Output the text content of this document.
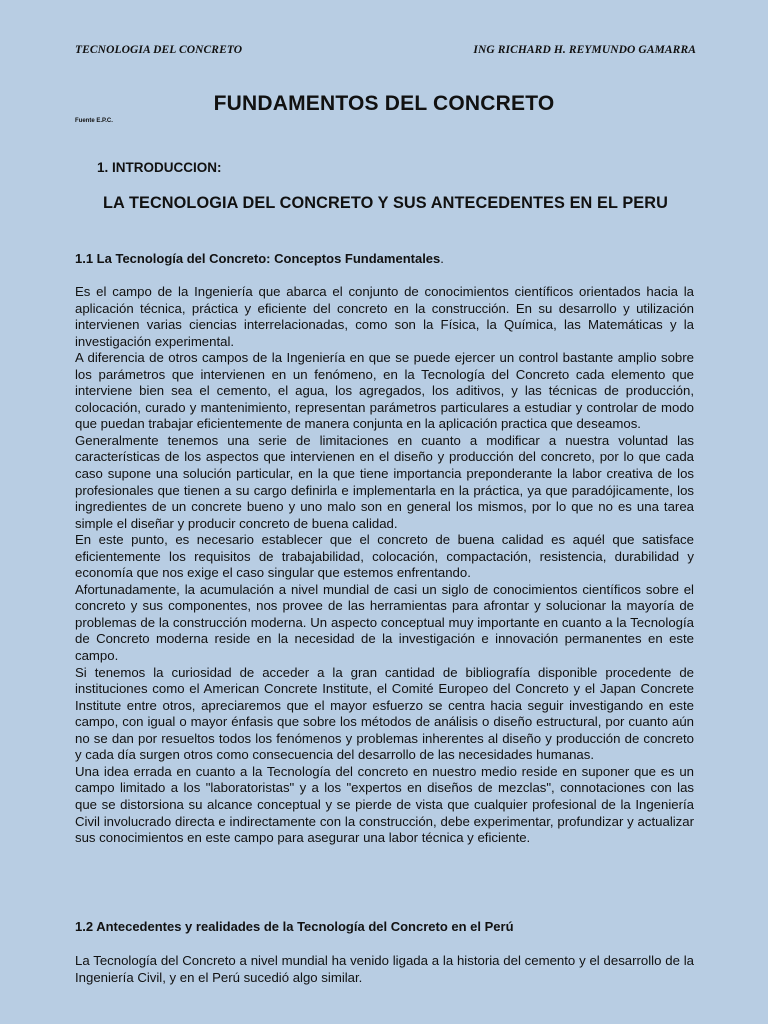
TECNOLOGIA DEL CONCRETO	ING RICHARD H. REYMUNDO GAMARRA
FUNDAMENTOS DEL CONCRETO
Fuente E.P.C.
1. INTRODUCCION:
LA TECNOLOGIA DEL CONCRETO Y SUS ANTECEDENTES EN EL PERU
1.1 La Tecnología del Concreto: Conceptos Fundamentales.

Es el campo de la Ingeniería que abarca el conjunto de conocimientos científicos orientados hacia la aplicación técnica, práctica y eficiente del concreto en la construcción. En su desarrollo y utilización intervienen varias ciencias interrelacionadas, como son la Física, la Química, las Matemáticas y la investigación experimental.

A diferencia de otros campos de la Ingeniería en que se puede ejercer un control bastante amplio sobre los parámetros que intervienen en un fenómeno, en la Tecnología del Concreto cada elemento que interviene bien sea el cemento, el agua, los agregados, los aditivos, y las técnicas de producción, colocación, curado y mantenimiento, representan parámetros particulares a estudiar y controlar de modo que puedan trabajar eficientemente de manera conjunta en la aplicación practica que deseamos.

Generalmente tenemos una serie de limitaciones en cuanto a modificar a nuestra voluntad las características de los aspectos que intervienen en el diseño y producción del concreto, por lo que cada caso supone una solución particular, en la que tiene importancia preponderante la labor creativa de los profesionales que tienen a su cargo definirla e implementarla en la práctica, ya que paradójicamente, los ingredientes de un concrete bueno y uno malo son en general los mismos, por lo que no es una tarea simple el diseñar y producir concreto de buena calidad.

En este punto, es necesario establecer que el concreto de buena calidad es aquél que satisface eficientemente los requisitos de trabajabilidad, colocación, compactación, resistencia, durabilidad y economía que nos exige el caso singular que estemos enfrentando.

Afortunadamente, la acumulación a nivel mundial de casi un siglo de conocimientos científicos sobre el concreto y sus componentes, nos provee de las herramientas para afrontar y solucionar la mayoría de problemas de la construcción moderna. Un aspecto conceptual muy importante en cuanto a la Tecnología de Concreto moderna reside en la necesidad de la investigación e innovación permanentes en este campo.

Si tenemos la curiosidad de acceder a la gran cantidad de bibliografía disponible procedente de instituciones como el American Concrete Institute, el Comité Europeo del Concreto y el Japan Concrete Institute entre otros, apreciaremos que el mayor esfuerzo se centra hacia seguir investigando en este campo, con igual o mayor énfasis que sobre los métodos de análisis o diseño estructural, por cuanto aún no se dan por resueltos todos los fenómenos y problemas inherentes al diseño y producción de concreto y cada día surgen otros como consecuencia del desarrollo de las necesidades humanas.

Una idea errada en cuanto a la Tecnología del concreto en nuestro medio reside en suponer que es un campo limitado a los "laboratoristas" y a los "expertos en diseños de mezclas", connotaciones con las que se distorsiona su alcance conceptual y se pierde de vista que cualquier profesional de la Ingeniería Civil involucrado directa e indirectamente con la construcción, debe experimentar, profundizar y actualizar sus conocimientos en este campo para asegurar una labor técnica y eficiente.

1.2 Antecedentes y realidades de la Tecnología del Concreto en el Perú

La Tecnología del Concreto a nivel mundial ha venido ligada a la historia del cemento y el desarrollo de la Ingeniería Civil, y en el Perú sucedió algo similar.
